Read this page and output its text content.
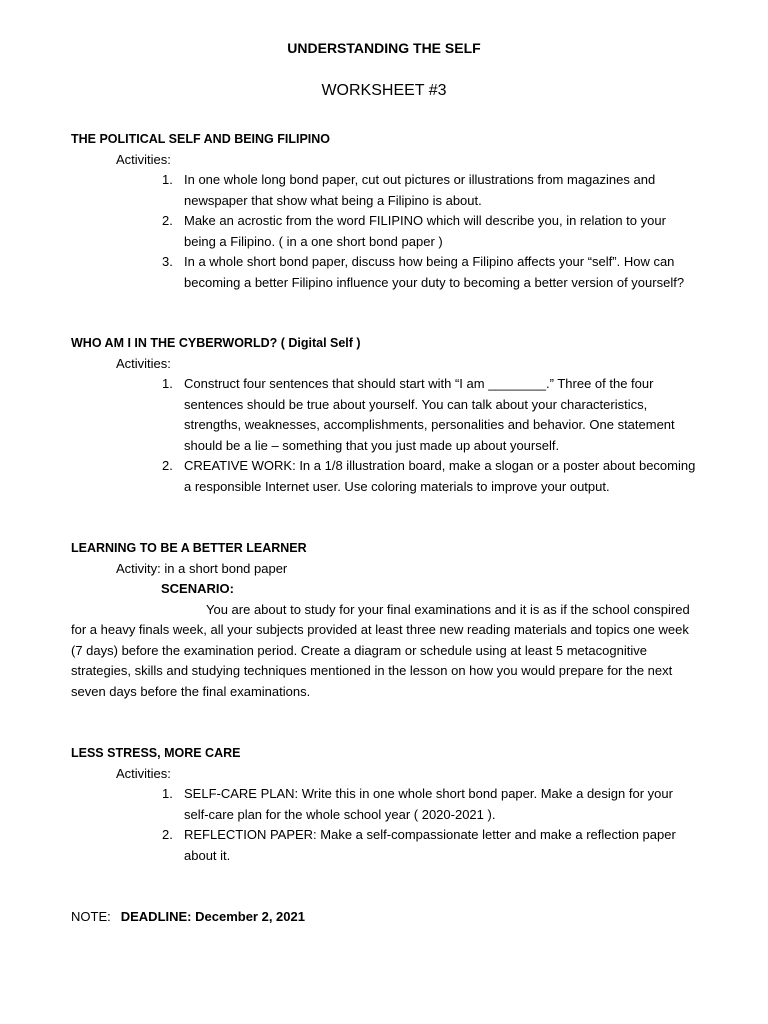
UNDERSTANDING THE SELF
WORKSHEET #3
THE POLITICAL SELF AND BEING FILIPINO
Activities:
1. In one whole long bond paper, cut out pictures or illustrations from magazines and newspaper that show what being a Filipino is about.
2. Make an acrostic from the word FILIPINO which will describe you, in relation to your being a Filipino. ( in a one short bond paper )
3. In a whole short bond paper, discuss how being a Filipino affects your “self”. How can becoming a better Filipino influence your duty to becoming a better version of yourself?
WHO AM I IN THE CYBERWORLD? ( Digital Self )
Activities:
1. Construct four sentences that should start with “I am ________.” Three of the four sentences should be true about yourself. You can talk about your characteristics, strengths, weaknesses, accomplishments, personalities and behavior. One statement should be a lie – something that you just made up about yourself.
2. CREATIVE WORK: In a 1/8 illustration board, make a slogan or a poster about becoming a responsible Internet user. Use coloring materials to improve your output.
LEARNING TO BE A BETTER LEARNER
Activity: in a short bond paper
SCENARIO:
You are about to study for your final examinations and it is as if the school conspired for a heavy finals week, all your subjects provided at least three new reading materials and topics one week (7 days) before the examination period. Create a diagram or schedule using at least 5 metacognitive strategies, skills and studying techniques mentioned in the lesson on how you would prepare for the next seven days before the final examinations.
LESS STRESS, MORE CARE
Activities:
1. SELF-CARE PLAN: Write this in one whole short bond paper. Make a design for your self-care plan for the whole school year ( 2020-2021 ).
2. REFLECTION PAPER: Make a self-compassionate letter and make a reflection paper about it.
NOTE: DEADLINE: December 2, 2021
